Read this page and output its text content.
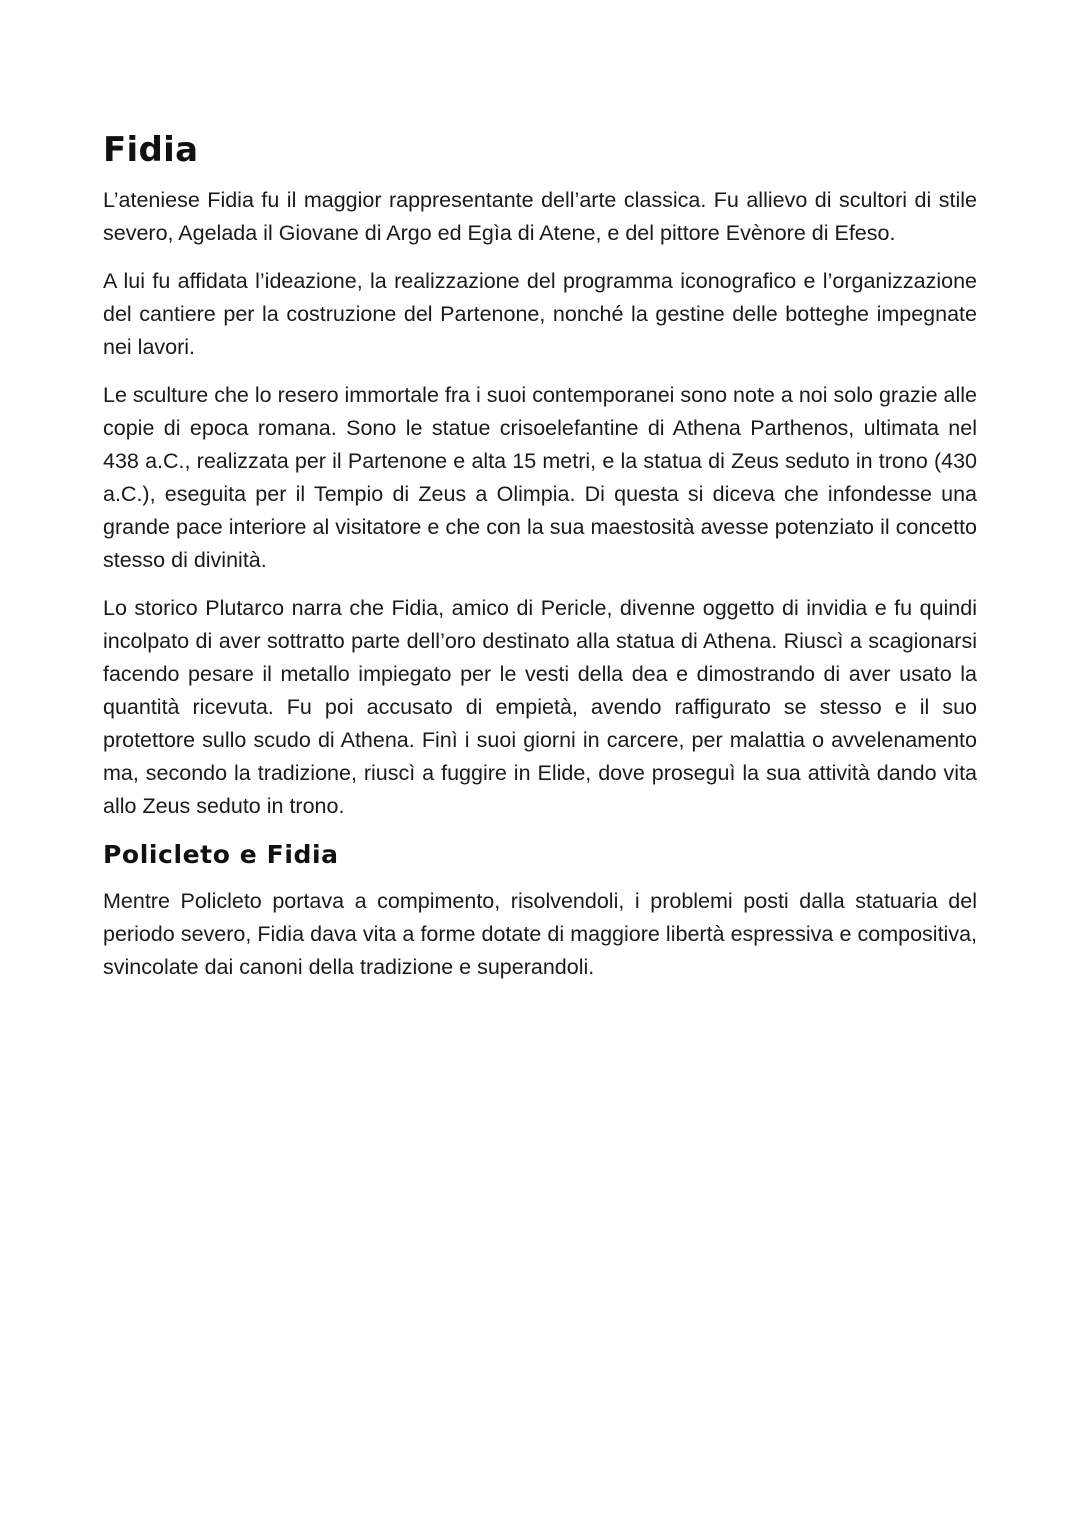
Fidia

L’ateniese Fidia fu il maggior rappresentante dell’arte classica. Fu allievo di scultori di stile severo, Agelada il Giovane di Argo ed Egìa di Atene, e del pittore Evènore di Efeso.

A lui fu affidata l’ideazione, la realizzazione del programma iconografico e l’organizzazione del cantiere per la costruzione del Partenone, nonché la gestine delle botteghe impegnate nei lavori.

Le sculture che lo resero immortale fra i suoi contemporanei sono note a noi solo grazie alle copie di epoca romana. Sono le statue crisoelefantine di Athena Parthenos, ultimata nel 438 a.C., realizzata per il Partenone e alta 15 metri, e la statua di Zeus seduto in trono (430 a.C.), eseguita per il Tempio di Zeus a Olimpia. Di questa si diceva che infondesse una grande pace interiore al visitatore e che con la sua maestosità avesse potenziato il concetto stesso di divinità.

Lo storico Plutarco narra che Fidia, amico di Pericle, divenne oggetto di invidia e fu quindi incolpato di aver sottratto parte dell’oro destinato alla statua di Athena. Riuscì a scagionarsi facendo pesare il metallo impiegato per le vesti della dea e dimostrando di aver usato la quantità ricevuta. Fu poi accusato di empietà, avendo raffigurato se stesso e il suo protettore sullo scudo di Athena. Finì i suoi giorni in carcere, per malattia o avvelenamento ma, secondo la tradizione, riuscì a fuggire in Elide, dove proseguì la sua attività dando vita allo Zeus seduto in trono.

Policleto e Fidia

Mentre Policleto portava a compimento, risolvendoli, i problemi posti dalla statuaria del periodo severo, Fidia dava vita a forme dotate di maggiore libertà espressiva e compositiva, svincolate dai canoni della tradizione e superandoli.
